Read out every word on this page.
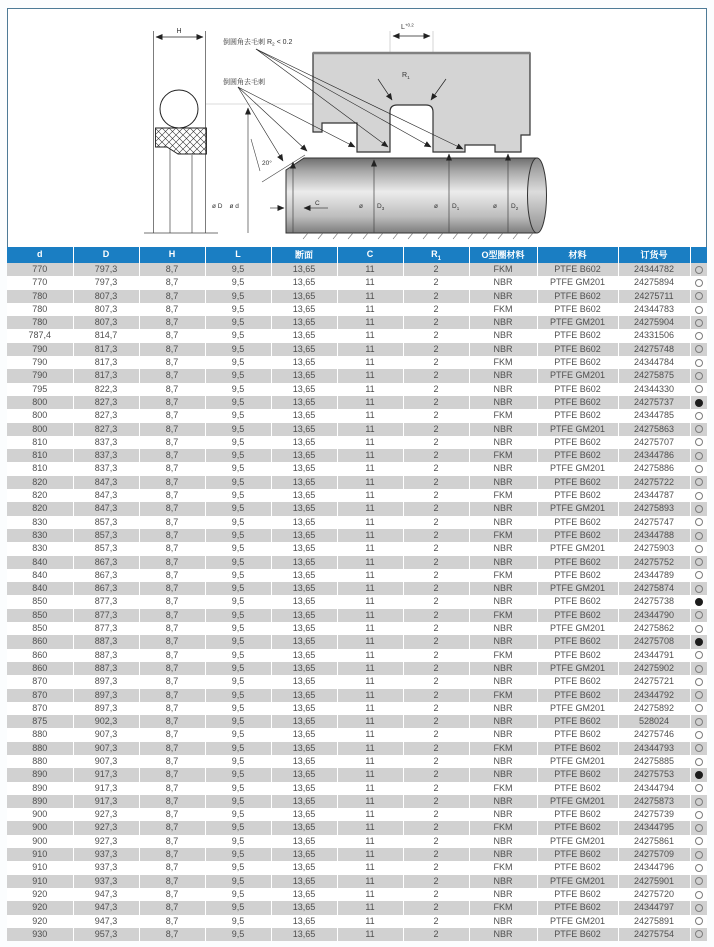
H
$L^{+0.2}$
$R_1$
倒圆角去毛刺 $R_2 < 0.2$
倒圆角去毛刺
20°
ø D ø d	C	ø $D_3$	ø $D_1$	ø $D_2$
d	D	H	L	断面	C	$R_1$	O型圈材料	材料	订货号	
770	797,3	8,7	9,5	13,65	11	2	FKM	PTFE B602	24344782	
770	797,3	8,7	9,5	13,65	11	2	NBR	PTFE GM201	24275894	
780	807,3	8,7	9,5	13,65	11	2	NBR	PTFE B602	24275711	
780	807,3	8,7	9,5	13,65	11	2	FKM	PTFE B602	24344783	
780	807,3	8,7	9,5	13,65	11	2	NBR	PTFE GM201	24275904	
787,4	814,7	8,7	9,5	13,65	11	2	NBR	PTFE B602	24331506	
790	817,3	8,7	9,5	13,65	11	2	NBR	PTFE B602	24275748	
790	817,3	8,7	9,5	13,65	11	2	FKM	PTFE B602	24344784	
790	817,3	8,7	9,5	13,65	11	2	NBR	PTFE GM201	24275875	
795	822,3	8,7	9,5	13,65	11	2	NBR	PTFE B602	24344330	
800	827,3	8,7	9,5	13,65	11	2	NBR	PTFE B602	24275737	
800	827,3	8,7	9,5	13,65	11	2	FKM	PTFE B602	24344785	
800	827,3	8,7	9,5	13,65	11	2	NBR	PTFE GM201	24275863	
810	837,3	8,7	9,5	13,65	11	2	NBR	PTFE B602	24275707	
810	837,3	8,7	9,5	13,65	11	2	FKM	PTFE B602	24344786	
810	837,3	8,7	9,5	13,65	11	2	NBR	PTFE GM201	24275886	
820	847,3	8,7	9,5	13,65	11	2	NBR	PTFE B602	24275722	
820	847,3	8,7	9,5	13,65	11	2	FKM	PTFE B602	24344787	
820	847,3	8,7	9,5	13,65	11	2	NBR	PTFE GM201	24275893	
830	857,3	8,7	9,5	13,65	11	2	NBR	PTFE B602	24275747	
830	857,3	8,7	9,5	13,65	11	2	FKM	PTFE B602	24344788	
830	857,3	8,7	9,5	13,65	11	2	NBR	PTFE GM201	24275903	
840	867,3	8,7	9,5	13,65	11	2	NBR	PTFE B602	24275752	
840	867,3	8,7	9,5	13,65	11	2	FKM	PTFE B602	24344789	
840	867,3	8,7	9,5	13,65	11	2	NBR	PTFE GM201	24275874	
850	877,3	8,7	9,5	13,65	11	2	NBR	PTFE B602	24275738	
850	877,3	8,7	9,5	13,65	11	2	FKM	PTFE B602	24344790	
850	877,3	8,7	9,5	13,65	11	2	NBR	PTFE GM201	24275862	
860	887,3	8,7	9,5	13,65	11	2	NBR	PTFE B602	24275708	
860	887,3	8,7	9,5	13,65	11	2	FKM	PTFE B602	24344791	
860	887,3	8,7	9,5	13,65	11	2	NBR	PTFE GM201	24275902	
870	897,3	8,7	9,5	13,65	11	2	NBR	PTFE B602	24275721	
870	897,3	8,7	9,5	13,65	11	2	FKM	PTFE B602	24344792	
870	897,3	8,7	9,5	13,65	11	2	NBR	PTFE GM201	24275892	
875	902,3	8,7	9,5	13,65	11	2	NBR	PTFE B602	528024	
880	907,3	8,7	9,5	13,65	11	2	NBR	PTFE B602	24275746	
880	907,3	8,7	9,5	13,65	11	2	FKM	PTFE B602	24344793	
880	907,3	8,7	9,5	13,65	11	2	NBR	PTFE GM201	24275885	
890	917,3	8,7	9,5	13,65	11	2	NBR	PTFE B602	24275753	
890	917,3	8,7	9,5	13,65	11	2	FKM	PTFE B602	24344794	
890	917,3	8,7	9,5	13,65	11	2	NBR	PTFE GM201	24275873	
900	927,3	8,7	9,5	13,65	11	2	NBR	PTFE B602	24275739	
900	927,3	8,7	9,5	13,65	11	2	FKM	PTFE B602	24344795	
900	927,3	8,7	9,5	13,65	11	2	NBR	PTFE GM201	24275861	
910	937,3	8,7	9,5	13,65	11	2	NBR	PTFE B602	24275709	
910	937,3	8,7	9,5	13,65	11	2	FKM	PTFE B602	24344796	
910	937,3	8,7	9,5	13,65	11	2	NBR	PTFE GM201	24275901	
920	947,3	8,7	9,5	13,65	11	2	NBR	PTFE B602	24275720	
920	947,3	8,7	9,5	13,65	11	2	FKM	PTFE B602	24344797	
920	947,3	8,7	9,5	13,65	11	2	NBR	PTFE GM201	24275891	
930	957,3	8,7	9,5	13,65	11	2	NBR	PTFE B602	24275754	
